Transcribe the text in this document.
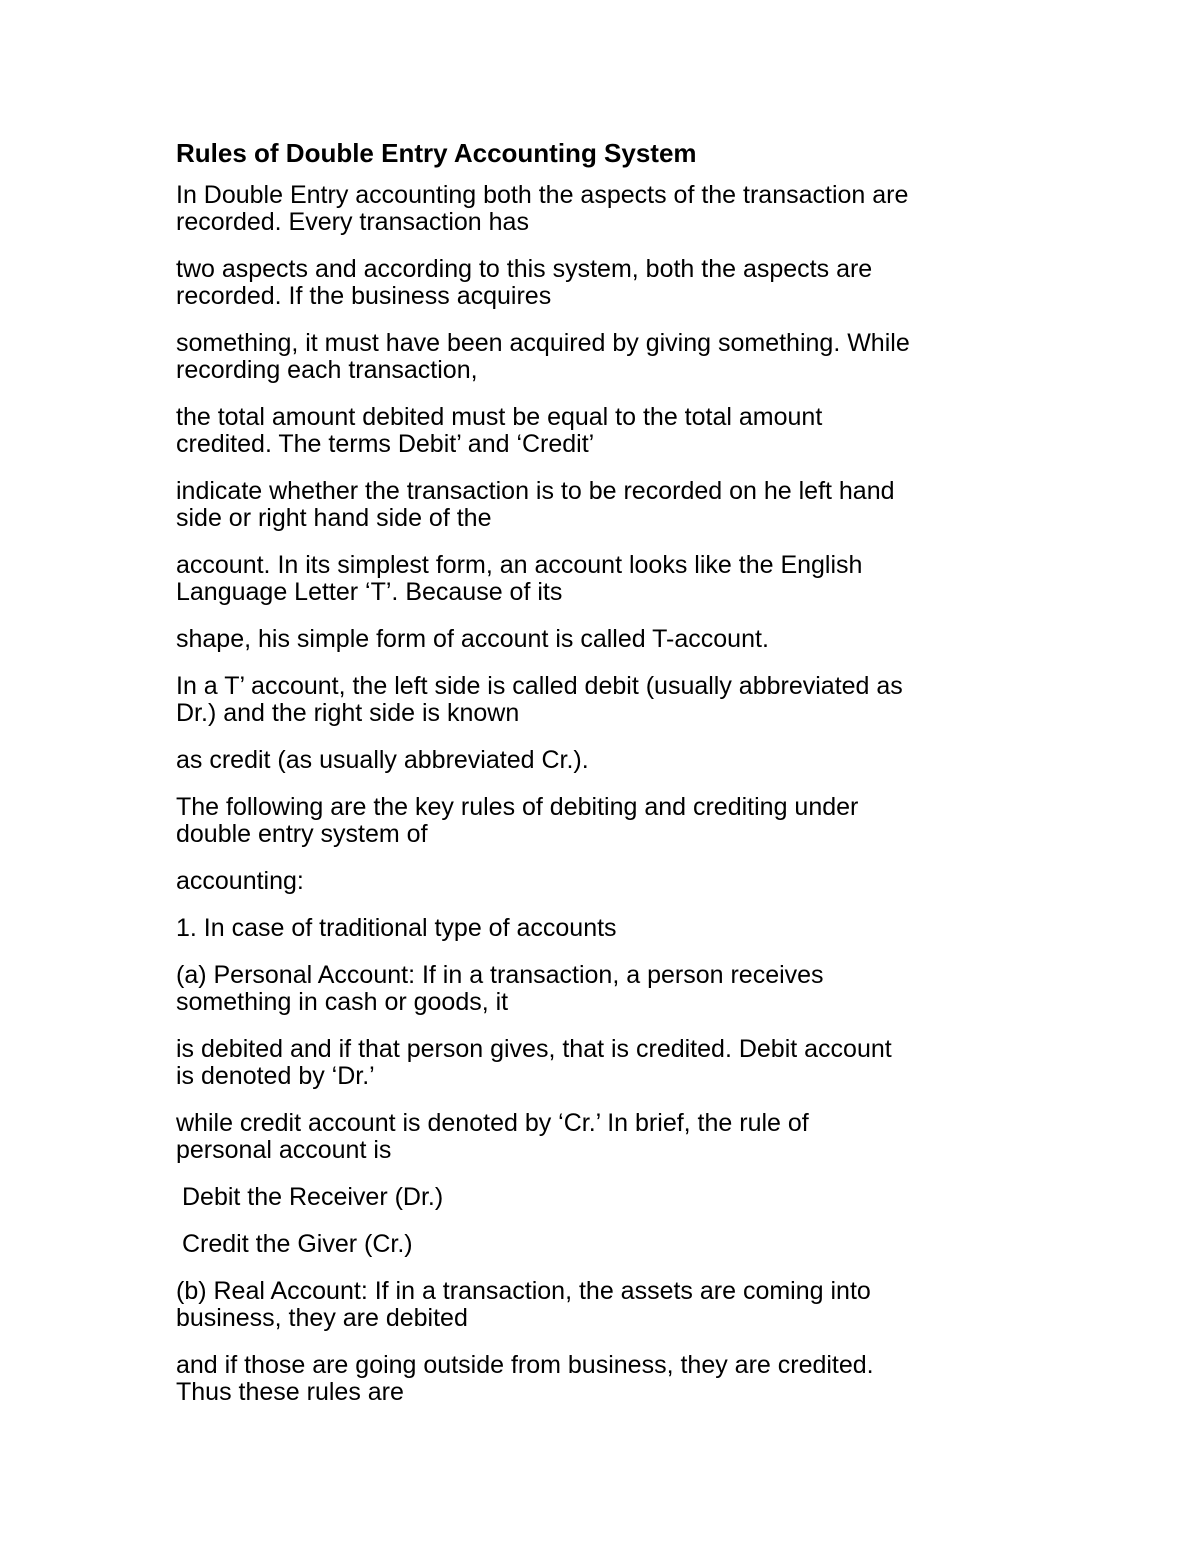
Rules of Double Entry Accounting System
In Double Entry accounting both the aspects of the transaction are
recorded. Every transaction has
two aspects and according to this system, both the aspects are
recorded. If the business acquires
something, it must have been acquired by giving something. While
recording each transaction,
the total amount debited must be equal to the total amount
credited. The terms Debit’ and ‘Credit’
indicate whether the transaction is to be recorded on he left hand
side or right hand side of the
account. In its simplest form, an account looks like the English
Language Letter ‘T’. Because of its
shape, his simple form of account is called T-account.
In a T’ account, the left side is called debit (usually abbreviated as
Dr.) and the right side is known
as credit (as usually abbreviated Cr.).
The following are the key rules of debiting and crediting under
double entry system of
accounting:
1. In case of traditional type of accounts
(a) Personal Account: If in a transaction, a person receives
something in cash or goods, it
is debited and if that person gives, that is credited. Debit account
is denoted by ‘Dr.’
while credit account is denoted by ‘Cr.’ In brief, the rule of
personal account is
Debit the Receiver (Dr.)
Credit the Giver (Cr.)
(b) Real Account: If in a transaction, the assets are coming into
business, they are debited
and if those are going outside from business, they are credited.
Thus these rules are
